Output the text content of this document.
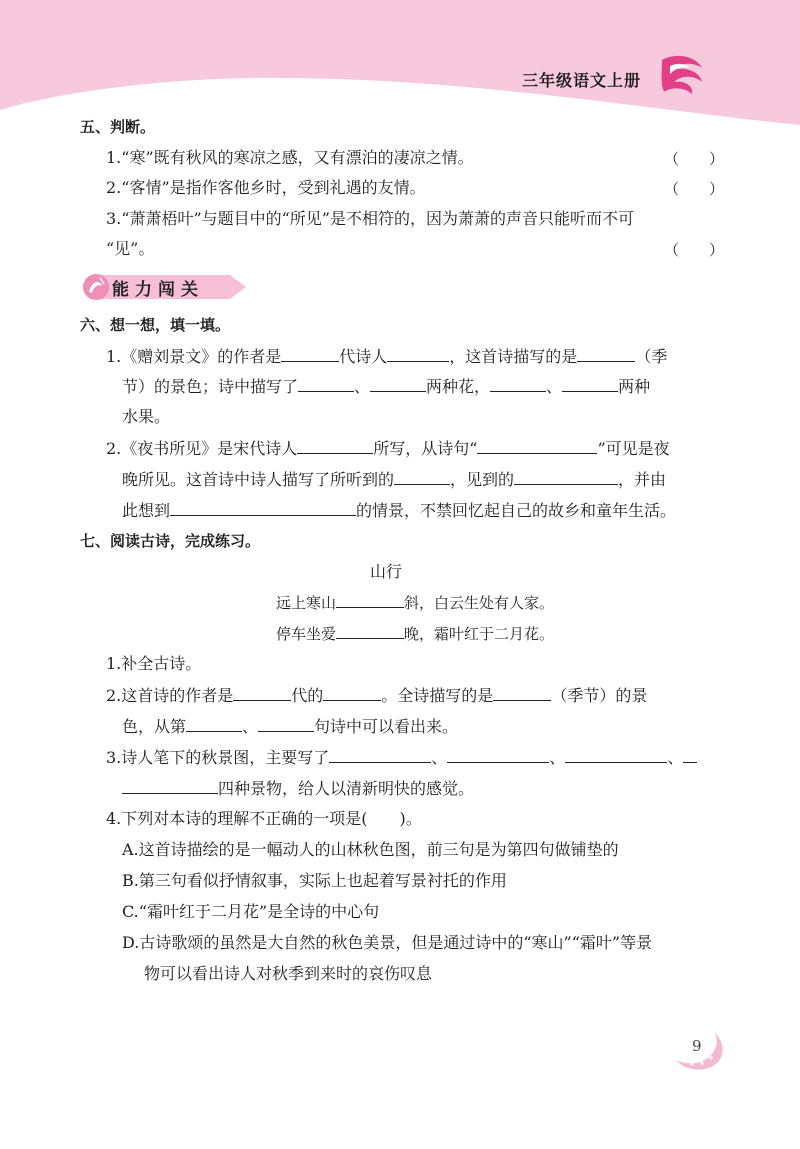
三年级语文上册
五、判断。
1.“寒”既有秋风的寒凉之感，又有漂泊的凄凉之情。	（　　）
2.“客情”是指作客他乡时，受到礼遇的友情。	（　　）
3.“萧萧梧叶”与题目中的“所见”是不相符的，因为萧萧的声音只能听而不可
“见”。	（　　）
能力闯关
六、想一想，填一填。
1.《赠刘景文》的作者是	代诗人	，这首诗描写的是	（季
节）的景色；诗中描写了	、	两种花，	、	两种
水果。
2.《夜书所见》是宋代诗人	所写，从诗句“	”可见是夜
晚所见。这首诗中诗人描写了所听到的	，见到的	，并由
此想到	的情景，不禁回忆起自己的故乡和童年生活。
七、阅读古诗，完成练习。
山行
远上寒山	斜，白云生处有人家。
停车坐爱	晚，霜叶红于二月花。
1.补全古诗。
2.这首诗的作者是	代的	。全诗描写的是	（季节）的景
色，从第	、	句诗中可以看出来。
3.诗人笔下的秋景图，主要写了	、	、	、
四种景物，给人以清新明快的感觉。
4.下列对本诗的理解不正确的一项是(　　)。
A.这首诗描绘的是一幅动人的山林秋色图，前三句是为第四句做铺垫的
B.第三句看似抒情叙事，实际上也起着写景衬托的作用
C.“霜叶红于二月花”是全诗的中心句
D.古诗歌颂的虽然是大自然的秋色美景，但是通过诗中的“寒山”“霜叶”等景
物可以看出诗人对秋季到来时的哀伤叹息
9
